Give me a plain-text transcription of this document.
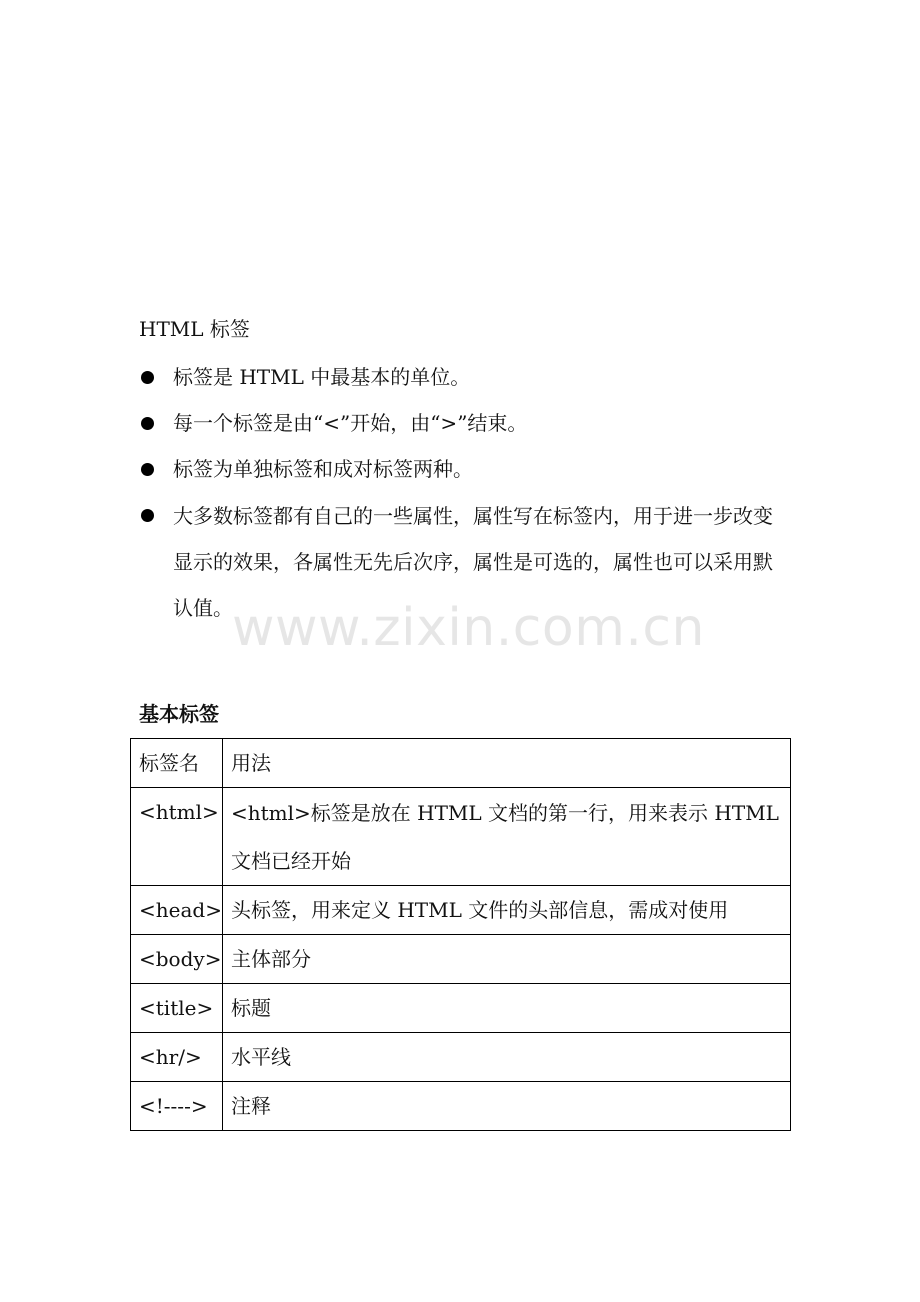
HTML 标签
标签是 HTML 中最基本的单位。
每一个标签是由“<”开始，由“>”结束。
标签为单独标签和成对标签两种。
大多数标签都有自己的一些属性，属性写在标签内，用于进一步改变显示的效果，各属性无先后次序，属性是可选的，属性也可以采用默认值。 www.zixin.com.cn
基本标签
标签名	用法
<html>	<html>标签是放在 HTML 文档的第一行，用来表示 HTML 文档已经开始
<head>	头标签，用来定义 HTML 文件的头部信息，需成对使用
<body>	主体部分
<title>	标题
<hr/>	水平线
<!---->	注释
